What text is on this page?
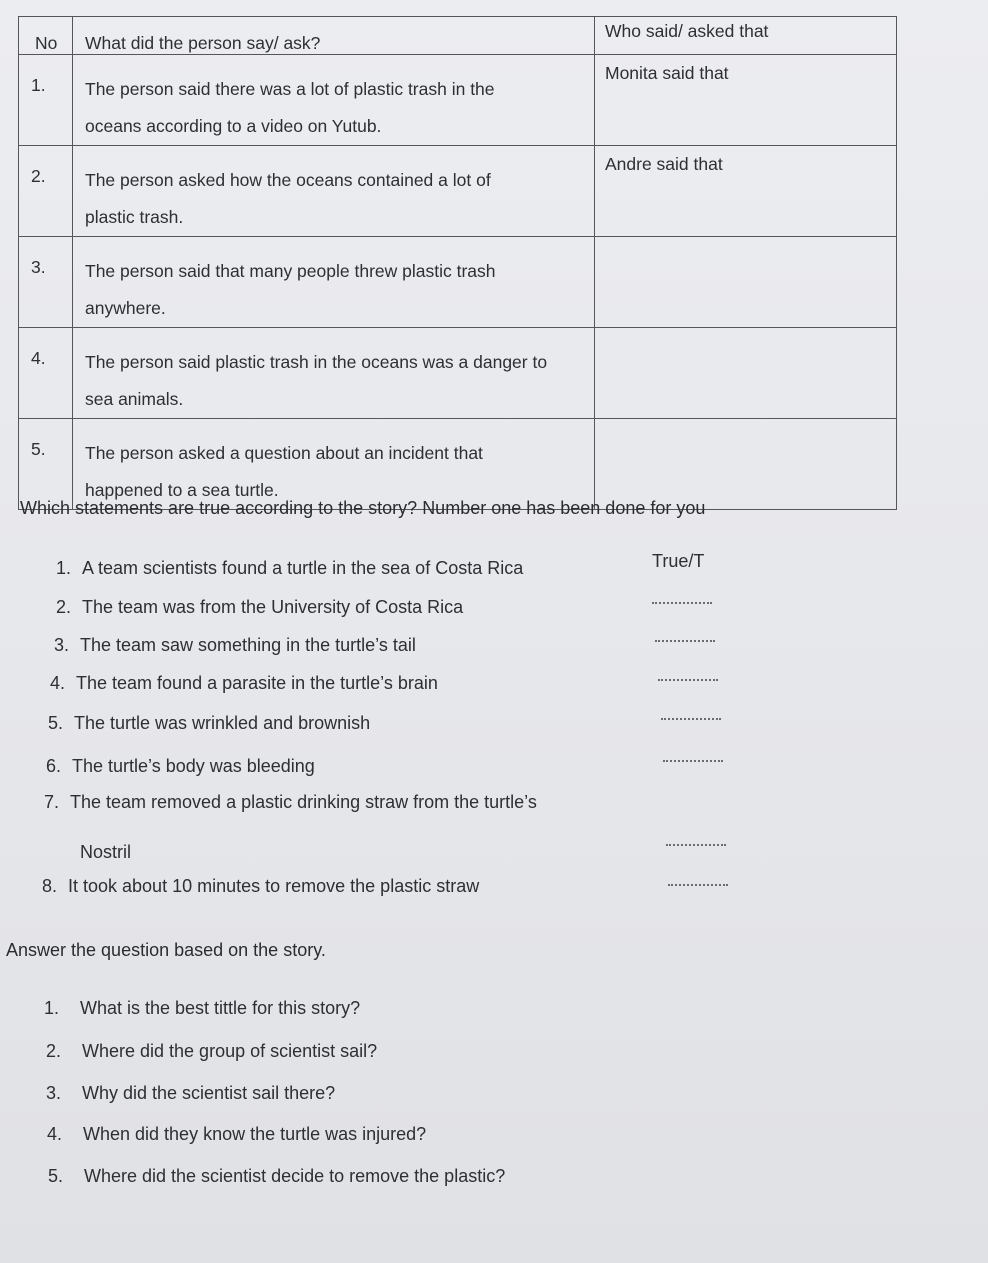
No	What did the person say/ ask?	Who said/ asked that

1.	The person said there was a lot of plastic trash in the
oceans according to a video on Yutub.	Monita said that

2.	The person asked how the oceans contained a lot of
plastic trash.	Andre said that

3.	The person said that many people threw plastic trash
anywhere.	

4.	The person said plastic trash in the oceans was a danger to
sea animals.	

5.	The person asked a question about an incident that
happened to a sea turtle.	

Which statements are true according to the story? Number one has been done for you
1. A team scientists found a turtle in the sea of Costa Rica	True/T
2. The team was from the University of Costa Rica
3. The team saw something in the turtle’s tail
4. The team found a parasite in the turtle’s brain
5. The turtle was wrinkled and brownish
6. The turtle’s body was bleeding
7. The team removed a plastic drinking straw from the turtle’s
Nostril
8. It took about 10 minutes to remove the plastic straw
Answer the question based on the story.
1. What is the best tittle for this story?
2. Where did the group of scientist sail?
3. Why did the scientist sail there?
4. When did they know the turtle was injured?
5. Where did the scientist decide to remove the plastic?
